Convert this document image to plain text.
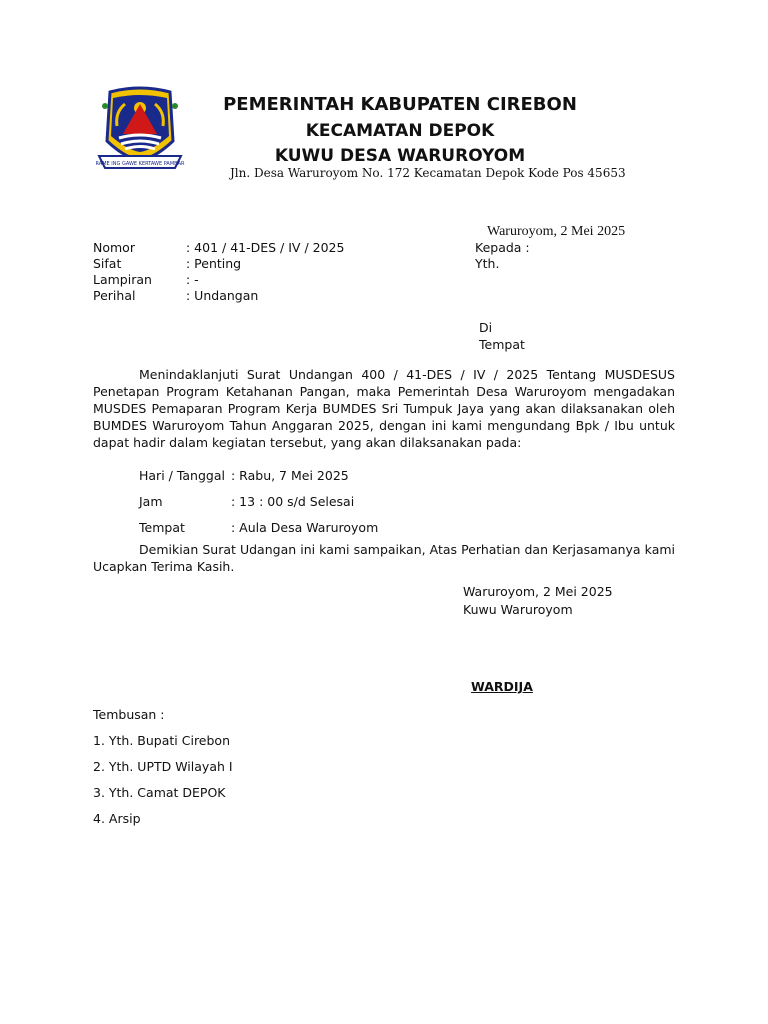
RAME ING GAWE KERTAWE PAMBAR
PEMERINTAH KABUPATEN CIREBON
KECAMATAN DEPOK
KUWU DESA WARUROYOM
Jln. Desa Waruroyom No. 172 Kecamatan Depok Kode Pos 45653
Waruroyom, 2 Mei 2025
Nomor	: 401 / 41-DES / IV / 2025
Sifat	: Penting
Lampiran	: -
Perihal	: Undangan
Kepada :
Yth.
Di
Tempat

Menindaklanjuti Surat Undangan 400 / 41-DES / IV / 2025 Tentang MUSDESUS Penetapan Program Ketahanan Pangan, maka Pemerintah Desa Waruroyom mengadakan MUSDES Pemaparan Program Kerja BUMDES Sri Tumpuk Jaya yang akan dilaksanakan oleh BUMDES Waruroyom Tahun Anggaran 2025, dengan ini kami mengundang Bpk / Ibu untuk dapat hadir dalam kegiatan tersebut, yang akan dilaksanakan pada:

Hari / Tanggal : Rabu, 7 Mei 2025
Jam	: 13 : 00 s/d Selesai
Tempat	: Aula Desa Waruroyom

Demikian Surat Udangan ini kami sampaikan, Atas Perhatian dan Kerjasamanya kami Ucapkan Terima Kasih.

Waruroyom, 2 Mei 2025
Kuwu Waruroyom
WARDIJA
Tembusan :
1. Yth. Bupati Cirebon
2. Yth. UPTD Wilayah I
3. Yth. Camat DEPOK
4. Arsip
